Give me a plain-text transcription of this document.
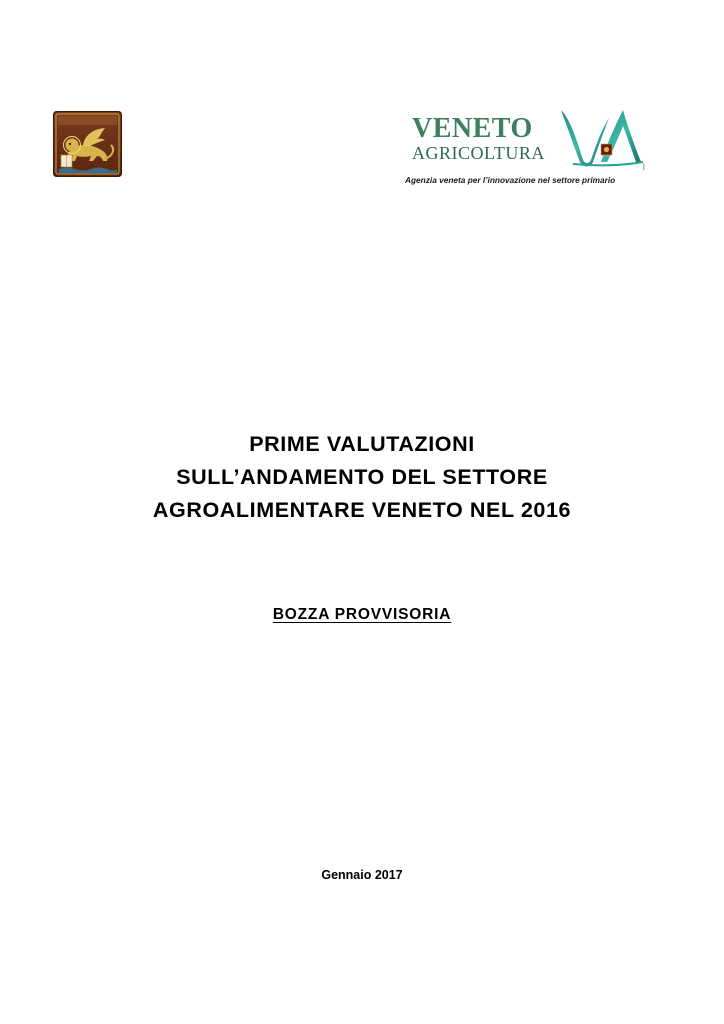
Agenzia veneta per l’innovazione nel settore primario
|
VENETO
AGRICOLTURA
PRIME VALUTAZIONI
SULL’ANDAMENTO DEL SETTORE
AGROALIMENTARE VENETO NEL 2016
BOZZA PROVVISORIA
Gennaio 2017
